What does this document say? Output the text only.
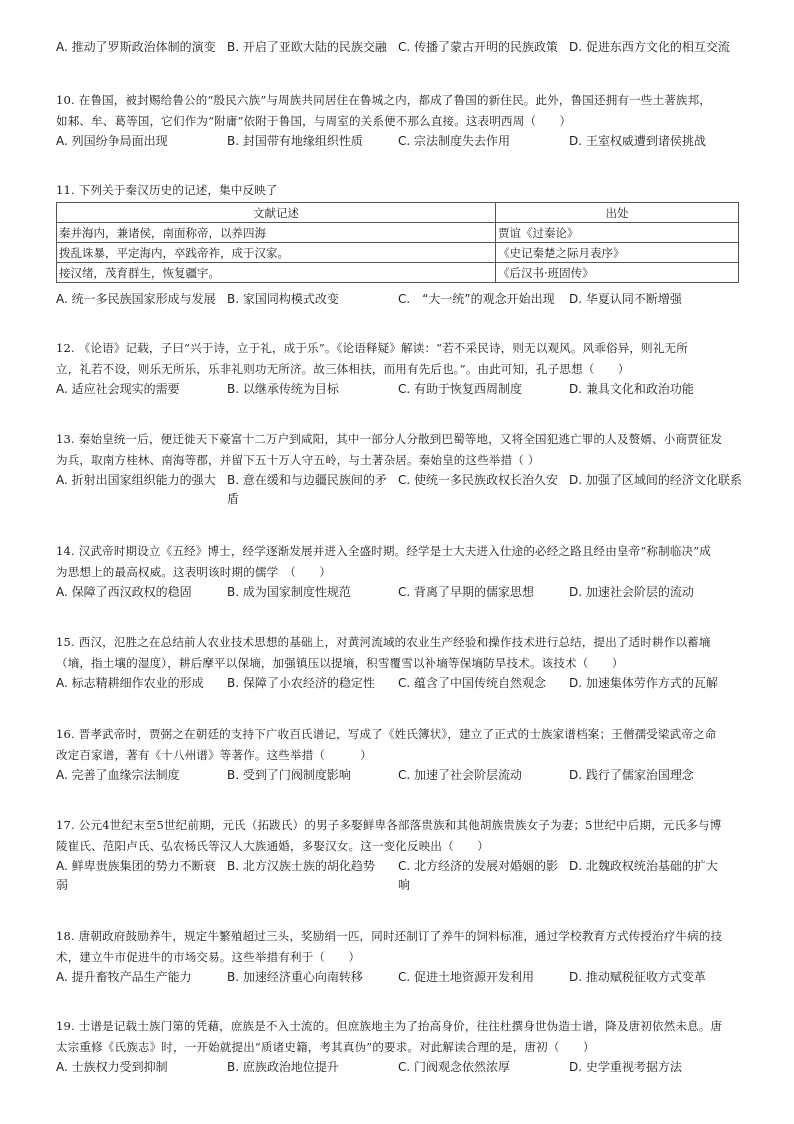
A. 推动了罗斯政治体制的演变 B. 开启了亚欧大陆的民族交融 C. 传播了蒙古开明的民族政策 D. 促进东西方文化的相互交流
10. 在鲁国，被封赐给鲁公的“殷民六族”与周族共同居住在鲁城之内，都成了鲁国的新住民。此外，鲁国还拥有一些土著族邦，
如邾、牟、葛等国，它们作为“附庸”依附于鲁国，与周室的关系便不那么直接。这表明西周（　　）
A. 列国纷争局面出现	B. 封国带有地缘组织性质	C. 宗法制度失去作用	D. 王室权威遭到诸侯挑战
11. 下列关于秦汉历史的记述，集中反映了
文献记述	出处
秦并海内，兼诸侯，南面称帝，以养四海	贾谊《过秦论》
拨乱诛暴，平定海内，卒践帝祚，成于汉家。	《史记秦楚之际月表序》
接汉绪，茂育群生，恢复疆宇。	《后汉书·班固传》
A. 统一多民族国家形成与发展 B. 家国同构模式改变	C.　“大一统”的观念开始出现	D. 华夏认同不断增强
12. 《论语》记载，子曰“兴于诗，立于礼，成于乐”。《论语释疑》解读：“若不采民诗，则无以观风。风乖俗异，则礼无所
立，礼若不设，则乐无所乐，乐非礼则功无所济。故三体相扶，而用有先后也。”。由此可知，孔子思想（　　）
A. 适应社会现实的需要	B. 以继承传统为目标	C. 有助于恢复西周制度	D. 兼具文化和政治功能
13. 秦始皇统一后，便迁徙天下豪富十二万户到咸阳，其中一部分人分散到巴蜀等地，又将全国犯逃亡罪的人及赘婿、小商贾征发
为兵，取南方桂林、南海等郡，并留下五十万人守五岭，与土著杂居。秦始皇的这些举措（ ）
A. 折射出国家组织能力的强大 B. 意在缓和与边疆民族间的矛盾
C. 使统一多民族政权长治久安 D. 加强了区域间的经济文化联系
14. 汉武帝时期设立《五经》博士，经学逐渐发展并进入全盛时期。经学是士大夫进入仕途的必经之路且经由皇帝“称制临决”成
为思想上的最高权威。这表明该时期的儒学　（　　）
A. 保障了西汉政权的稳固	B. 成为国家制度性规范	C. 背离了早期的儒家思想	D. 加速社会阶层的流动
15. 西汉，氾胜之在总结前人农业技术思想的基础上，对黄河流域的农业生产经验和操作技术进行总结，提出了适时耕作以蓄墒
（墒，指土壤的湿度），耕后摩平以保墒，加强镇压以提墒，积雪覆雪以补墒等保墒防旱技术。该技术（　　）
A. 标志精耕细作农业的形成	B. 保障了小农经济的稳定性	C. 蕴含了中国传统自然观念	D. 加速集体劳作方式的瓦解
16. 晋孝武帝时，贾弼之在朝廷的支持下广收百氏谱记，写成了《姓氏簿状》，建立了正式的士族家谱档案；王僧孺受梁武帝之命
改定百家谱，著有《十八州谱》等著作。这些举措（　　　）
A. 完善了血缘宗法制度	B. 受到了门阀制度影响	C. 加速了社会阶层流动	D. 践行了儒家治国理念
17. 公元4世纪末至5世纪前期，元氏（拓跋氏）的男子多娶鲜卑各部落贵族和其他胡族贵族女子为妻；5世纪中后期，元氏多与博
陵崔氏、范阳卢氏、弘农杨氏等汉人大族通婚，多娶汉女。这一变化反映出（　　）
A. 鲜卑贵族集团的势力不断衰弱
B. 北方汉族士族的胡化趋势	C. 北方经济的发展对婚姻的影响
D. 北魏政权统治基础的扩大
18. 唐朝政府鼓励养牛，规定牛繁殖超过三头，奖励绢一匹，同时还制订了养牛的饲料标准，通过学校教育方式传授治疗牛病的技
术，建立牛市促进牛的市场交易。这些举措有利于（　　）
A. 提升畜牧产品生产能力	B. 加速经济重心向南转移	C. 促进土地资源开发利用	D. 推动赋税征收方式变革
19. 士谱是记载士族门第的凭藉，庶族是不入士流的。但庶族地主为了抬高身价，往往杜撰身世伪造士谱，降及唐初依然未息。唐
太宗重修《氏族志》时，一开始就提出“质诸史籍，考其真伪”的要求。对此解读合理的是，唐初（　　）
A. 士族权力受到抑制	B. 庶族政治地位提升	C. 门阀观念依然浓厚	D. 史学重视考据方法
